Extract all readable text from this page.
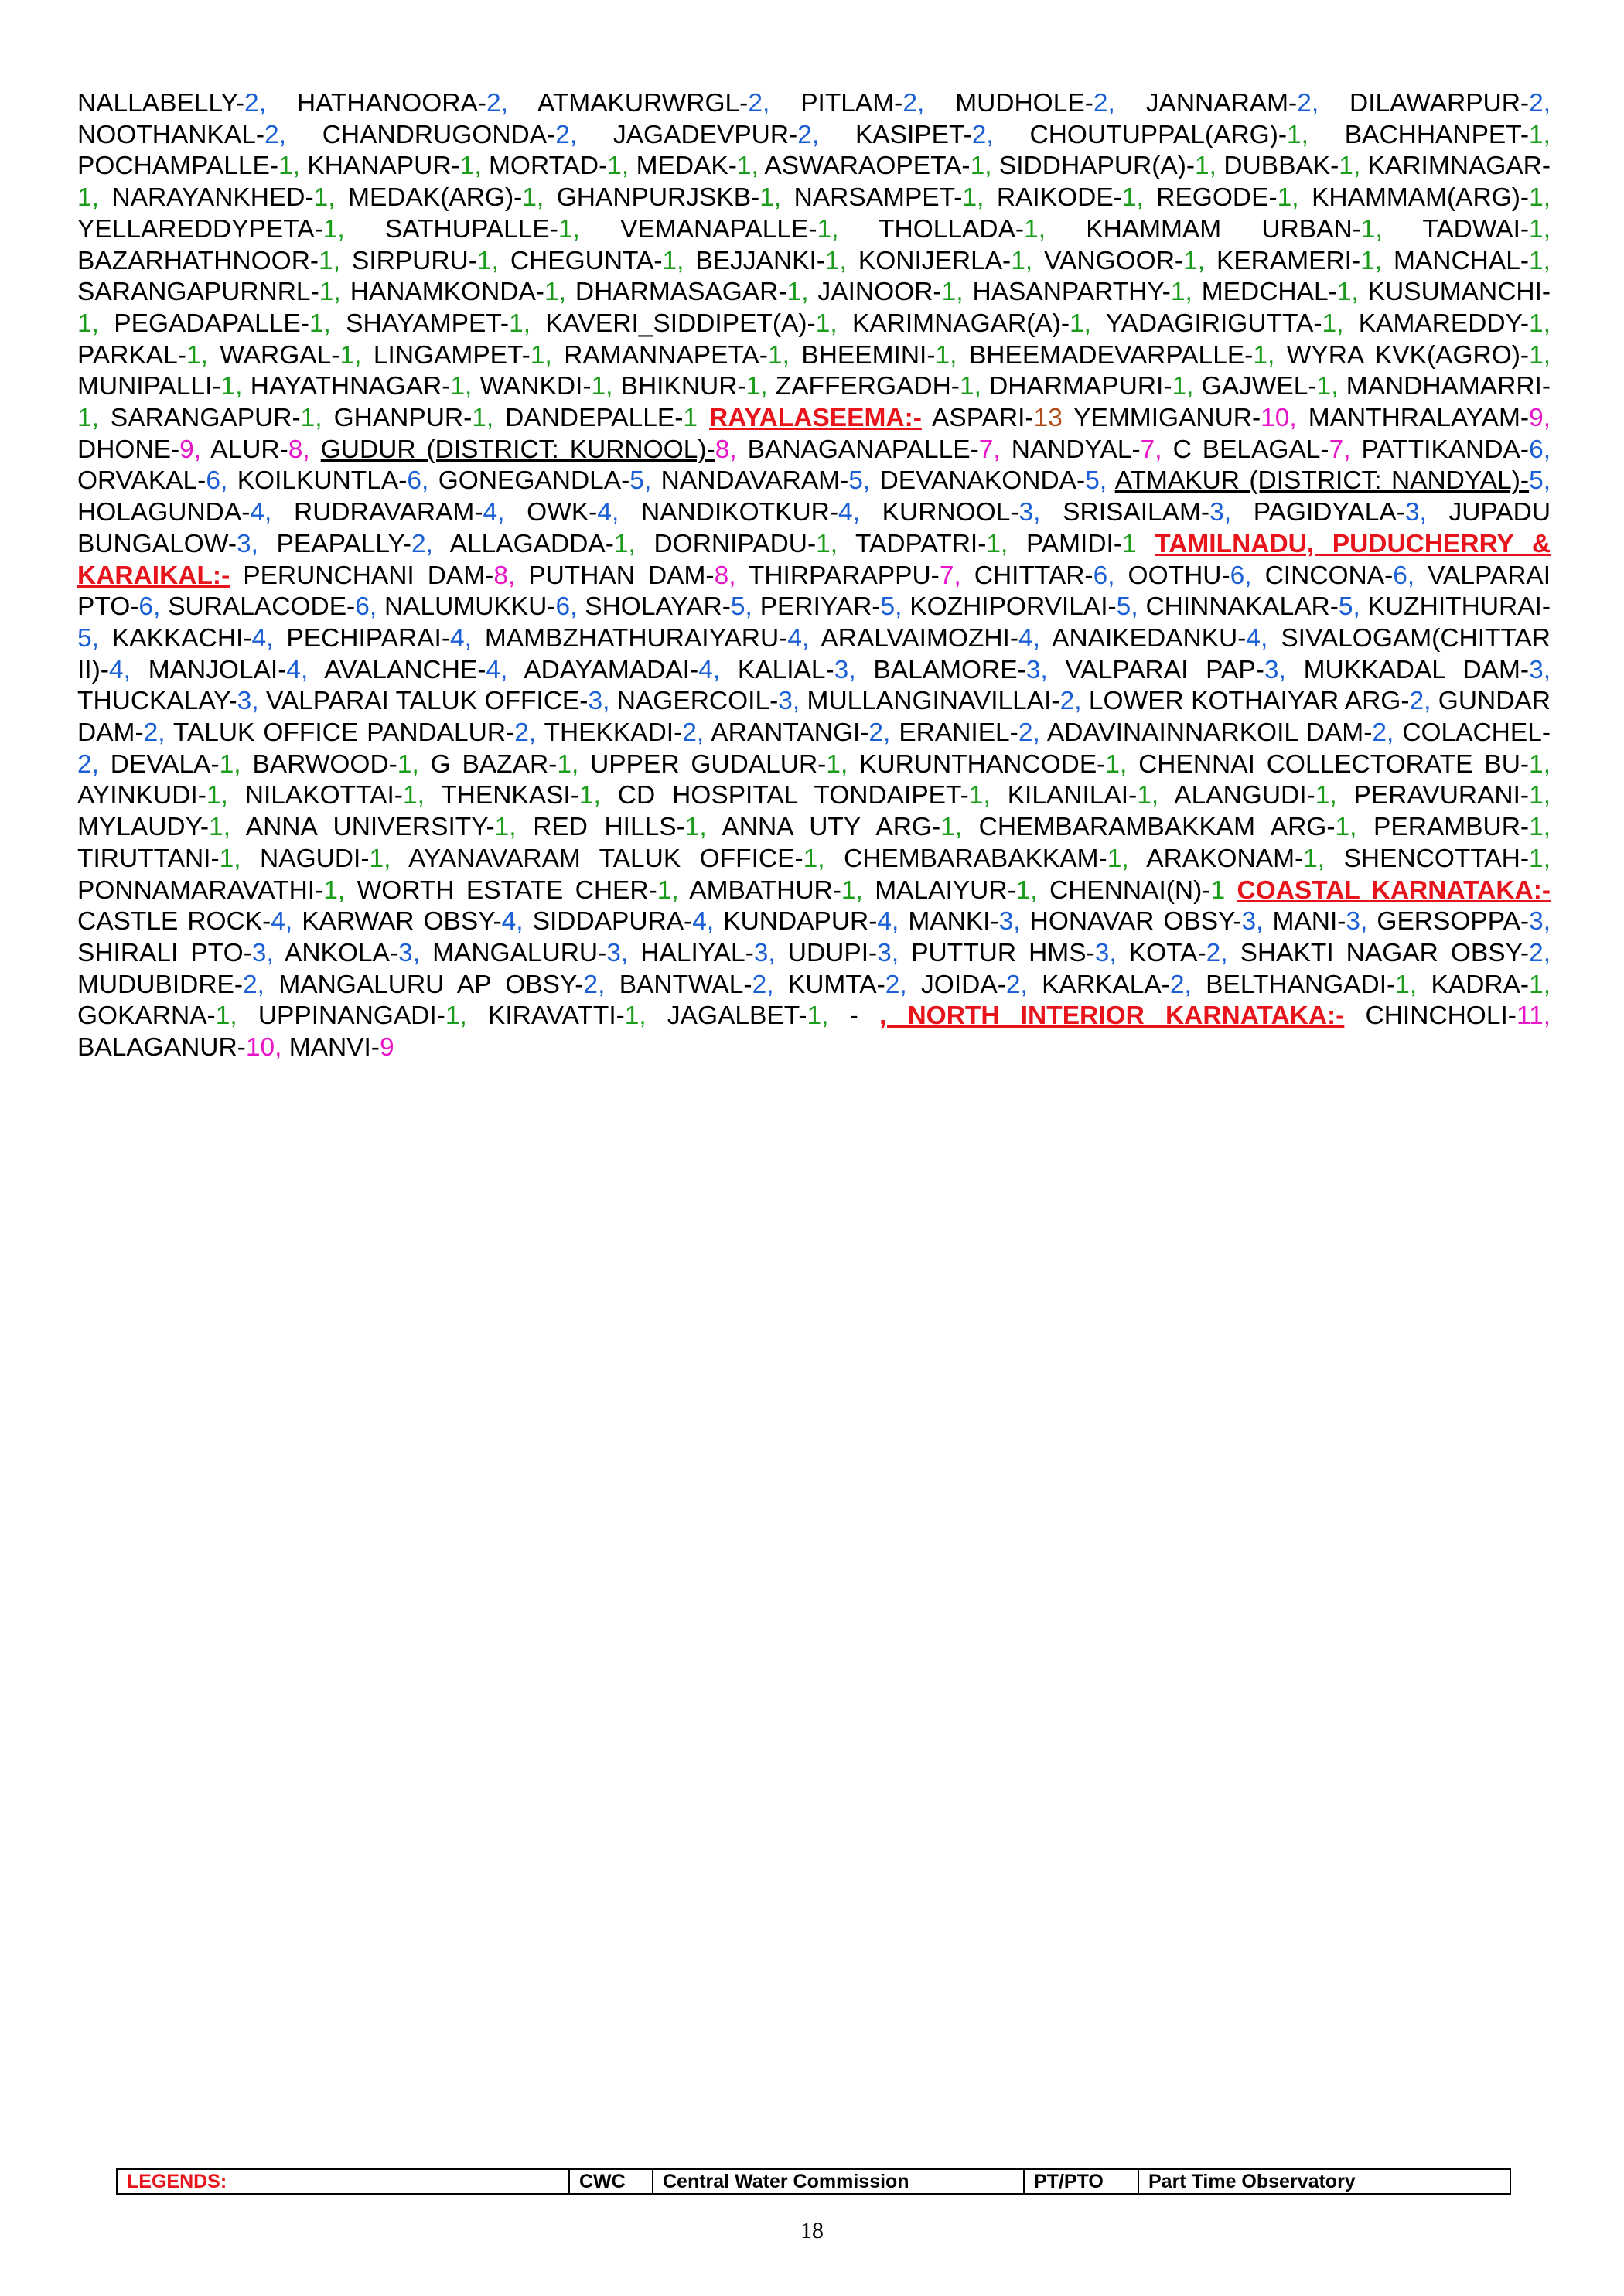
NALLABELLY-2, HATHANOORA-2, ATMAKURWRGL-2, PITLAM-2, MUDHOLE-2, JANNARAM-2, DILAWARPUR-2, NOOTHANKAL-2, CHANDRUGONDA-2, JAGADEVPUR-2, KASIPET-2, CHOUTUPPAL(ARG)-1, BACHHANPET-1, POCHAMPALLE-1, KHANAPUR-1, MORTAD-1, MEDAK-1, ASWARAOPETA-1, SIDDHAPUR(A)-1, DUBBAK-1, KARIMNAGAR-1, NARAYANKHED-1, MEDAK(ARG)-1, GHANPURJSKB-1, NARSAMPET-1, RAIKODE-1, REGODE-1, KHAMMAM(ARG)-1, YELLAREDDYPETA-1, SATHUPALLE-1, VEMANAPALLE-1, THOLLADA-1, KHAMMAM URBAN-1, TADWAI-1, BAZARHATHNOOR-1, SIRPURU-1, CHEGUNTA-1, BEJJANKI-1, KONIJERLA-1, VANGOOR-1, KERAMERI-1, MANCHAL-1, SARANGAPURNRL-1, HANAMKONDA-1, DHARMASAGAR-1, JAINOOR-1, HASANPARTHY-1, MEDCHAL-1, KUSUMANCHI-1, PEGADAPALLE-1, SHAYAMPET-1, KAVERI_SIDDIPET(A)-1, KARIMNAGAR(A)-1, YADAGIRIGUTTA-1, KAMAREDDY-1, PARKAL-1, WARGAL-1, LINGAMPET-1, RAMANNAPETA-1, BHEEMINI-1, BHEEMADEVARPALLE-1, WYRA KVK(AGRO)-1, MUNIPALLI-1, HAYATHNAGAR-1, WANKDI-1, BHIKNUR-1, ZAFFERGADH-1, DHARMAPURI-1, GAJWEL-1, MANDHAMARRI-1, SARANGAPUR-1, GHANPUR-1, DANDEPALLE-1 RAYALASEEMA:- ASPARI-13 YEMMIGANUR-10, MANTHRALAYAM-9, DHONE-9, ALUR-8, GUDUR (DISTRICT: KURNOOL)-8, BANAGANAPALLE-7, NANDYAL-7, C BELAGAL-7, PATTIKANDA-6, ORVAKAL-6, KOILKUNTLA-6, GONEGANDLA-5, NANDAVARAM-5, DEVANAKONDA-5, ATMAKUR (DISTRICT: NANDYAL)-5, HOLAGUNDA-4, RUDRAVARAM-4, OWK-4, NANDIKOTKUR-4, KURNOOL-3, SRISAILAM-3, PAGIDYALA-3, JUPADU BUNGALOW-3, PEAPALLY-2, ALLAGADDA-1, DORNIPADU-1, TADPATRI-1, PAMIDI-1 TAMILNADU, PUDUCHERRY & KARAIKAL:- PERUNCHANI DAM-8, PUTHAN DAM-8, THIRPARAPPU-7, CHITTAR-6, OOTHU-6, CINCONA-6, VALPARAI PTO-6, SURALACODE-6, NALUMUKKU-6, SHOLAYAR-5, PERIYAR-5, KOZHIPORVILAI-5, CHINNAKALAR-5, KUZHITHURAI-5, KAKKACHI-4, PECHIPARAI-4, MAMBZHATHURAIYARU-4, ARALVAIMOZHI-4, ANAIKEDANKU-4, SIVALOGAM(CHITTAR II)-4, MANJOLAI-4, AVALANCHE-4, ADAYAMADAI-4, KALIAL-3, BALAMORE-3, VALPARAI PAP-3, MUKKADAL DAM-3, THUCKALAY-3, VALPARAI TALUK OFFICE-3, NAGERCOIL-3, MULLANGINAVILLAI-2, LOWER KOTHAIYAR ARG-2, GUNDAR DAM-2, TALUK OFFICE PANDALUR-2, THEKKADI-2, ARANTANGI-2, ERANIEL-2, ADAVINAINNARKOIL DAM-2, COLACHEL-2, DEVALA-1, BARWOOD-1, G BAZAR-1, UPPER GUDALUR-1, KURUNTHANCODE-1, CHENNAI COLLECTORATE BU-1, AYINKUDI-1, NILAKOTTAI-1, THENKASI-1, CD HOSPITAL TONDAIPET-1, KILANILAI-1, ALANGUDI-1, PERAVURANI-1, MYLAUDY-1, ANNA UNIVERSITY-1, RED HILLS-1, ANNA UTY ARG-1, CHEMBARAMBAKKAM ARG-1, PERAMBUR-1, TIRUTTANI-1, NAGUDI-1, AYANAVARAM TALUK OFFICE-1, CHEMBARABAKKAM-1, ARAKONAM-1, SHENCOTTAH-1, PONNAMARAVATHI-1, WORTH ESTATE CHER-1, AMBATHUR-1, MALAIYUR-1, CHENNAI(N)-1 COASTAL KARNATAKA:- CASTLE ROCK-4, KARWAR OBSY-4, SIDDAPURA-4, KUNDAPUR-4, MANKI-3, HONAVAR OBSY-3, MANI-3, GERSOPPA-3, SHIRALI PTO-3, ANKOLA-3, MANGALURU-3, HALIYAL-3, UDUPI-3, PUTTUR HMS-3, KOTA-2, SHAKTI NAGAR OBSY-2, MUDUBIDRE-2, MANGALURU AP OBSY-2, BANTWAL-2, KUMTA-2, JOIDA-2, KARKALA-2, BELTHANGADI-1, KADRA-1, GOKARNA-1, UPPINANGADI-1, KIRAVATTI-1, JAGALBET-1, - , NORTH INTERIOR KARNATAKA:- CHINCHOLI-11, BALAGANUR-10, MANVI-9
LEGENDS:	CWC	Central Water Commission	PT/PTO	Part Time Observatory
18
